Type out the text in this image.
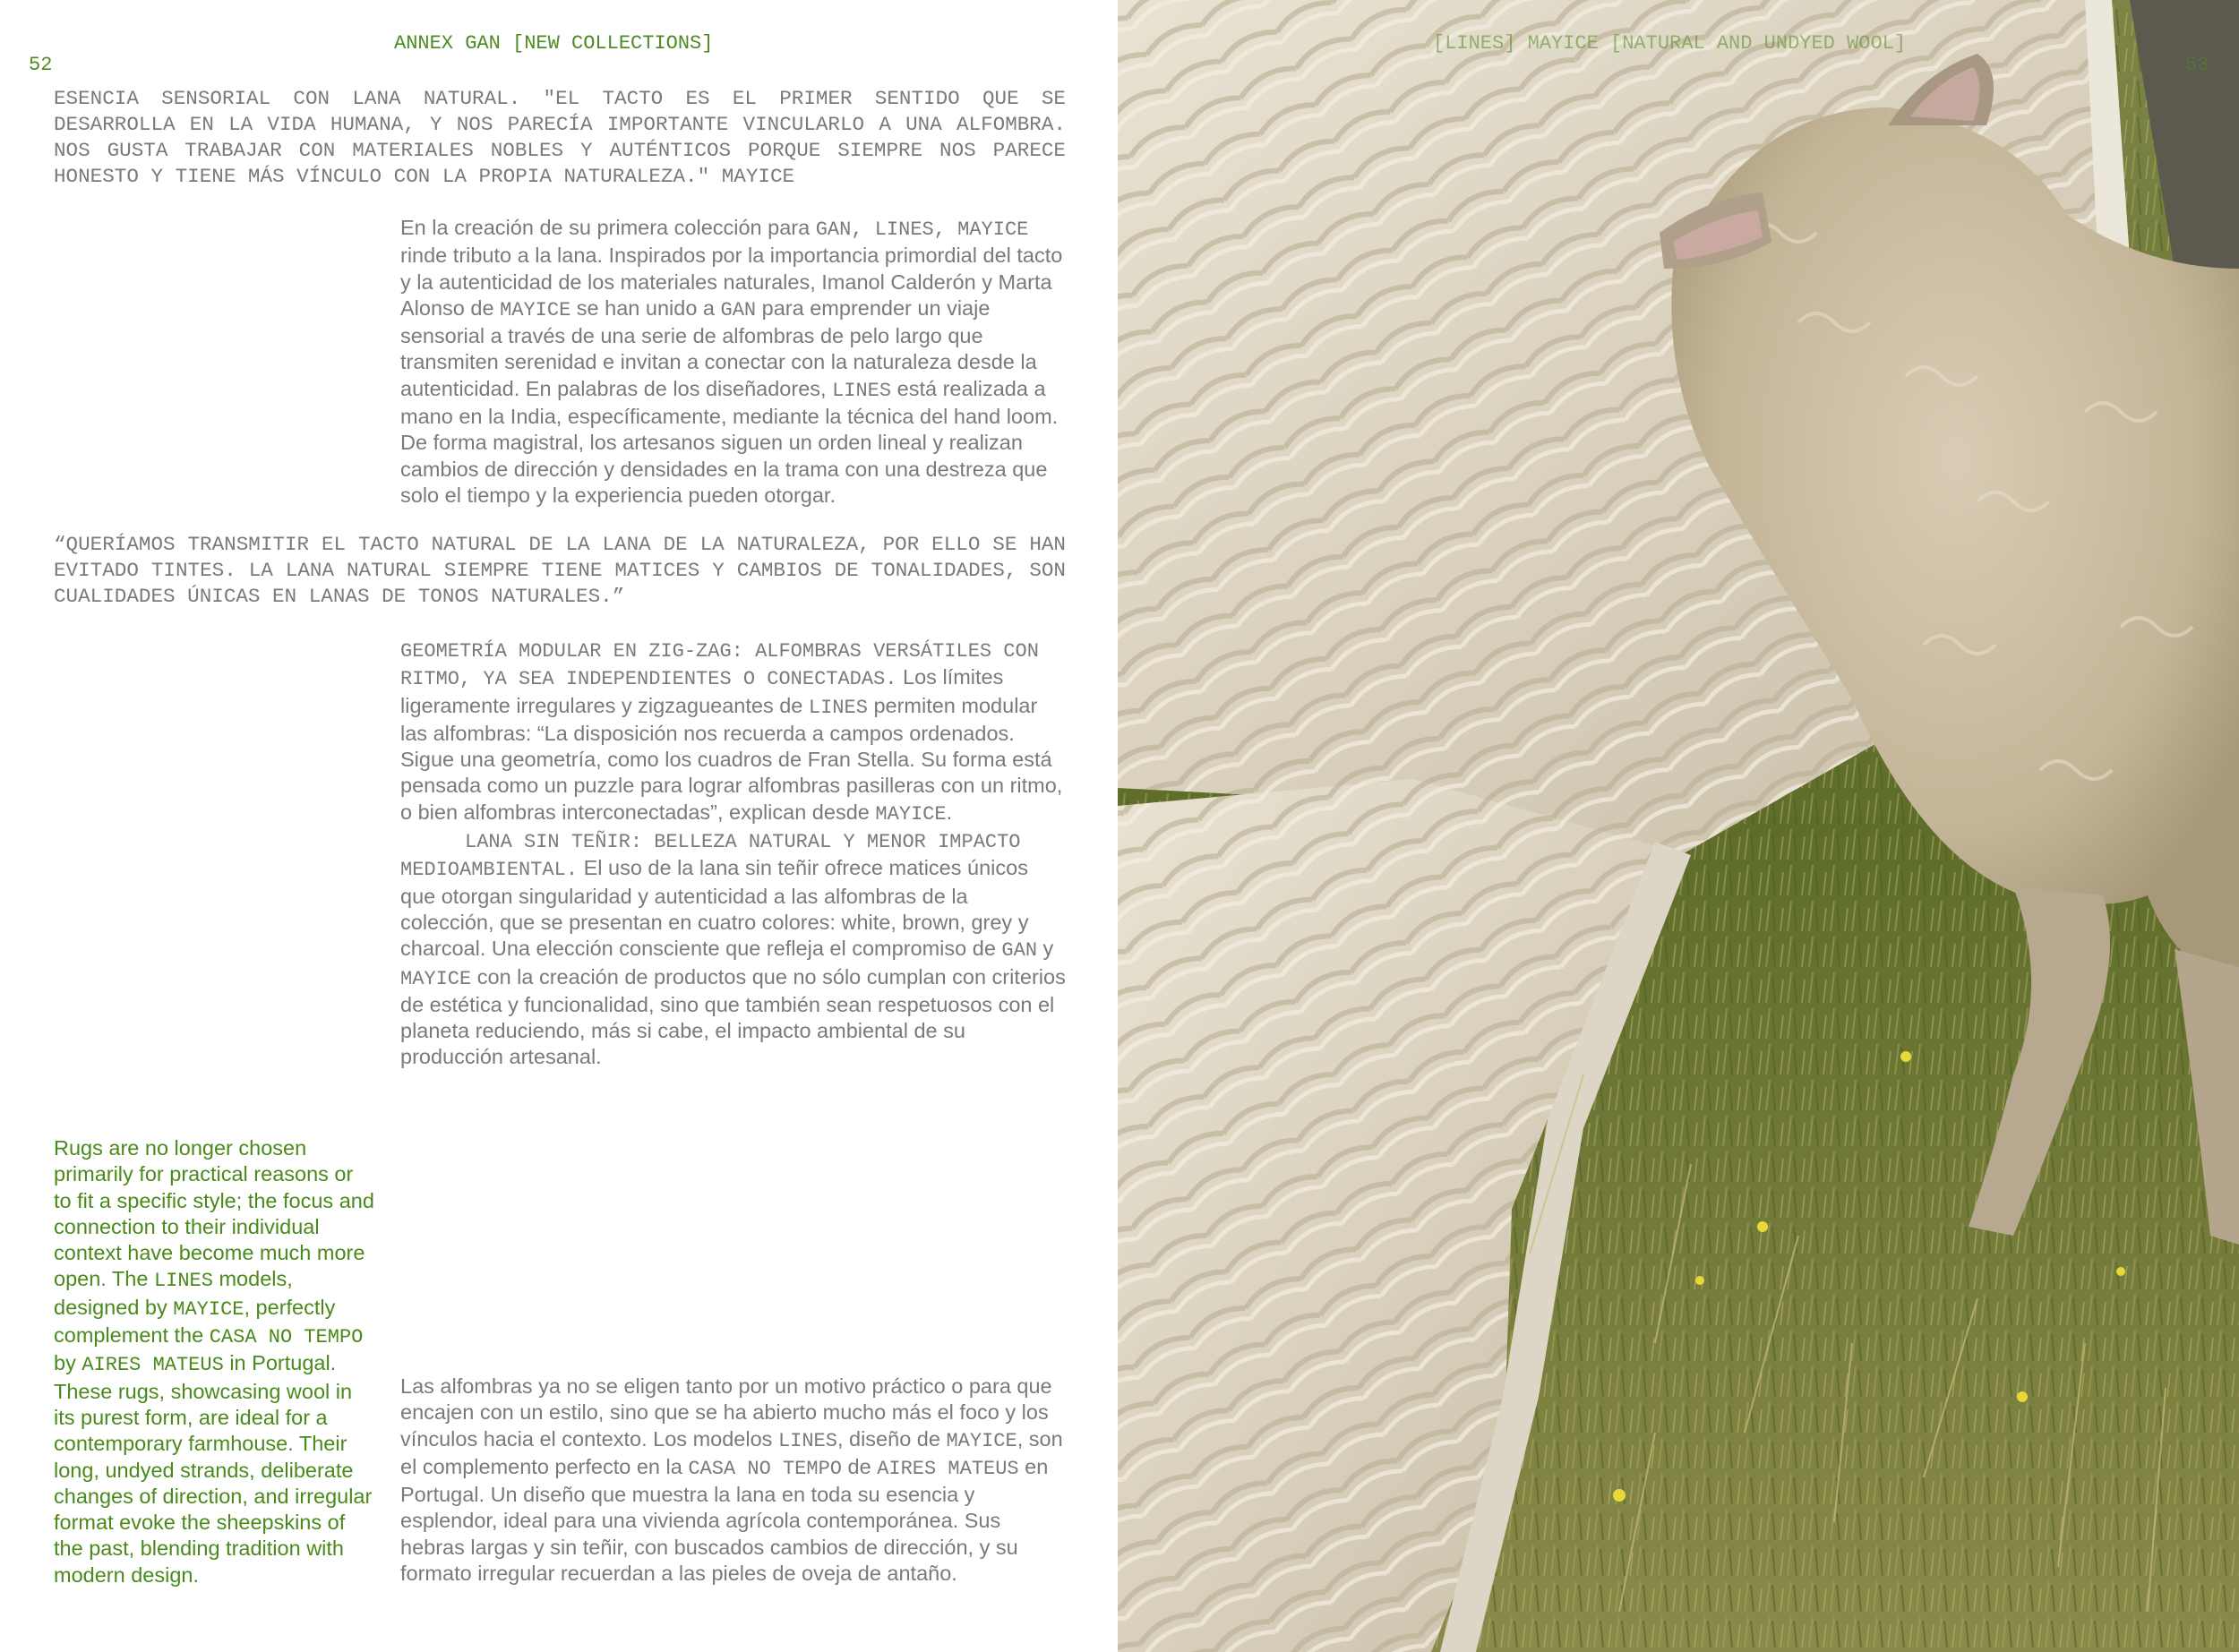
52
ANNEX GAN [NEW COLLECTIONS]
ESENCIA SENSORIAL CON LANA NATURAL. "EL TACTO ES EL PRIMER SENTIDO QUE SE DESARROLLA EN LA VIDA HUMANA, Y NOS PARECÍA IMPORTANTE VINCULARLO A UNA ALFOMBRA. NOS GUSTA TRABAJAR CON MATERIALES NOBLES Y AUTÉNTICOS PORQUE SIEMPRE NOS PARECE HONESTO Y TIENE MÁS VÍNCULO CON LA PROPIA NATURALEZA." MAYICE
En la creación de su primera colección para GAN, LINES, MAYICE rinde tributo a la lana. Inspirados por la importancia primordial del tacto y la autenticidad de los materiales naturales, Imanol Calderón y Marta Alonso de MAYICE se han unido a GAN para emprender un viaje sensorial a través de una serie de alfombras de pelo largo que transmiten serenidad e invitan a conectar con la naturaleza desde la autenticidad. En palabras de los diseñadores, LINES está realizada a mano en la India, específicamente, mediante la técnica del hand loom. De forma magistral, los artesanos siguen un orden lineal y realizan cambios de dirección y densidades en la trama con una destreza que solo el tiempo y la experiencia pueden otorgar.
“QUERÍAMOS TRANSMITIR EL TACTO NATURAL DE LA LANA DE LA NATURALEZA, POR ELLO SE HAN EVITADO TINTES. LA LANA NATURAL SIEMPRE TIENE MATICES Y CAMBIOS DE TONALIDADES, SON CUALIDADES ÚNICAS EN LANAS DE TONOS NATURALES.”
GEOMETRÍA MODULAR EN ZIG-ZAG: ALFOMBRAS VERSÁTILES CON RITMO, YA SEA INDEPENDIENTES O CONECTADAS. Los límites ligeramente irregulares y zigzagueantes de LINES permiten modular las alfombras: “La disposición nos recuerda a campos ordenados. Sigue una geometría, como los cuadros de Fran Stella. Su forma está pensada como un puzzle para lograr alfombras pasilleras con un ritmo, o bien alfombras interconectadas”, explican desde MAYICE.
LANA SIN TEÑIR: BELLEZA NATURAL Y MENOR IMPACTO MEDIOAMBIENTAL. El uso de la lana sin teñir ofrece matices únicos que otorgan singularidad y autenticidad a las alfombras de la colección, que se presentan en cuatro colores: white, brown, grey y charcoal. Una elección consciente que refleja el compromiso de GAN y MAYICE con la creación de productos que no sólo cumplan con criterios de estética y funcionalidad, sino que también sean respetuosos con el planeta reduciendo, más si cabe, el impacto ambiental de su producción artesanal.
Rugs are no longer chosen primarily for practical reasons or to fit a specific style; the focus and connection to their individual context have become much more open. The LINES models, designed by MAYICE, perfectly complement the CASA NO TEMPO by AIRES MATEUS in Portugal. These rugs, showcasing wool in its purest form, are ideal for a contemporary farmhouse. Their long, undyed strands, deliberate changes of direction, and irregular format evoke the sheepskins of the past, blending tradition with modern design.
Las alfombras ya no se eligen tanto por un motivo práctico o para que encajen con un estilo, sino que se ha abierto mucho más el foco y los vínculos hacia el contexto. Los modelos LINES, diseño de MAYICE, son el complemento perfecto en la CASA NO TEMPO de AIRES MATEUS en Portugal. Un diseño que muestra la lana en toda su esencia y esplendor, ideal para una vivienda agrícola contemporánea. Sus hebras largas y sin teñir, con buscados cambios de dirección, y su formato irregular recuerdan a las pieles de oveja de antaño.
[LINES] MAYICE [NATURAL AND UNDYED WOOL]
53
